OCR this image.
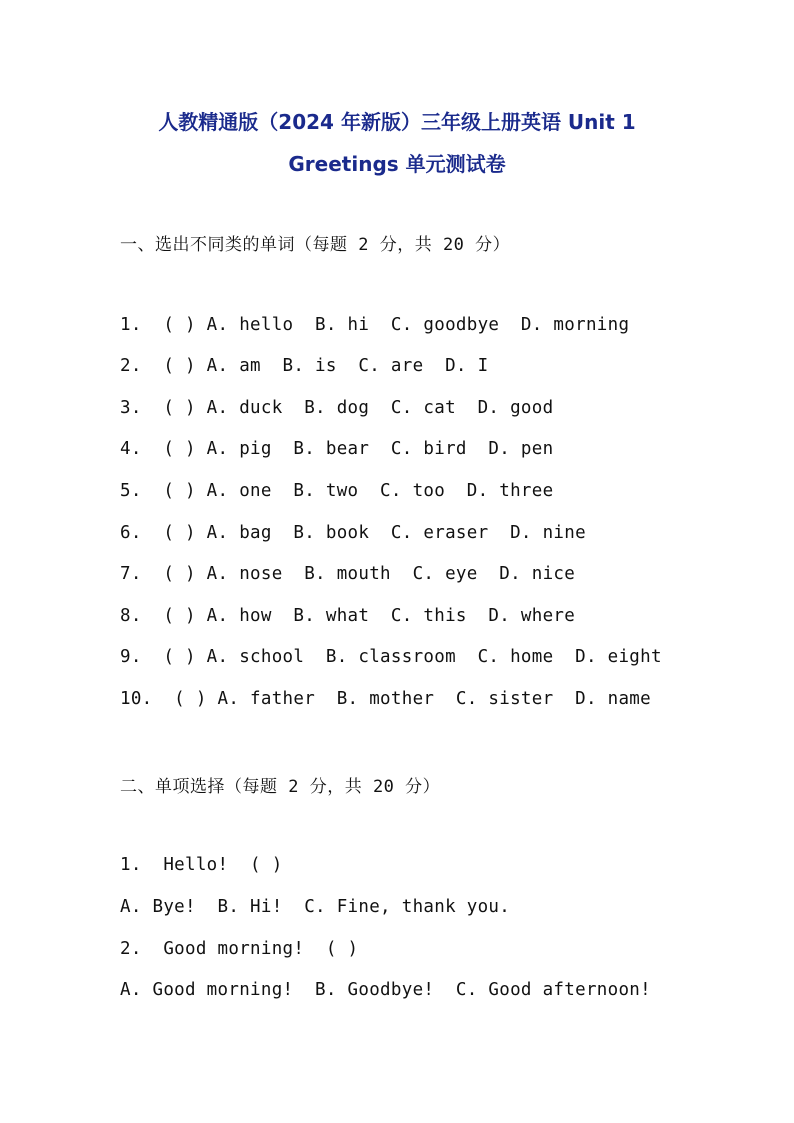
人教精通版（2024 年新版）三年级上册英语 Unit 1
Greetings 单元测试卷
一、选出不同类的单词（每题 2 分，共 20 分）
1.  ( ) A. hello  B. hi  C. goodbye  D. morning
2.  ( ) A. am  B. is  C. are  D. I
3.  ( ) A. duck  B. dog  C. cat  D. good
4.  ( ) A. pig  B. bear  C. bird  D. pen
5.  ( ) A. one  B. two  C. too  D. three
6.  ( ) A. bag  B. book  C. eraser  D. nine
7.  ( ) A. nose  B. mouth  C. eye  D. nice
8.  ( ) A. how  B. what  C. this  D. where
9.  ( ) A. school  B. classroom  C. home  D. eight
10.  ( ) A. father  B. mother  C. sister  D. name
二、单项选择（每题 2 分，共 20 分）
1.  Hello!  ( )
A. Bye!  B. Hi!  C. Fine, thank you.
2.  Good morning!  ( )
A. Good morning!  B. Goodbye!  C. Good afternoon!
